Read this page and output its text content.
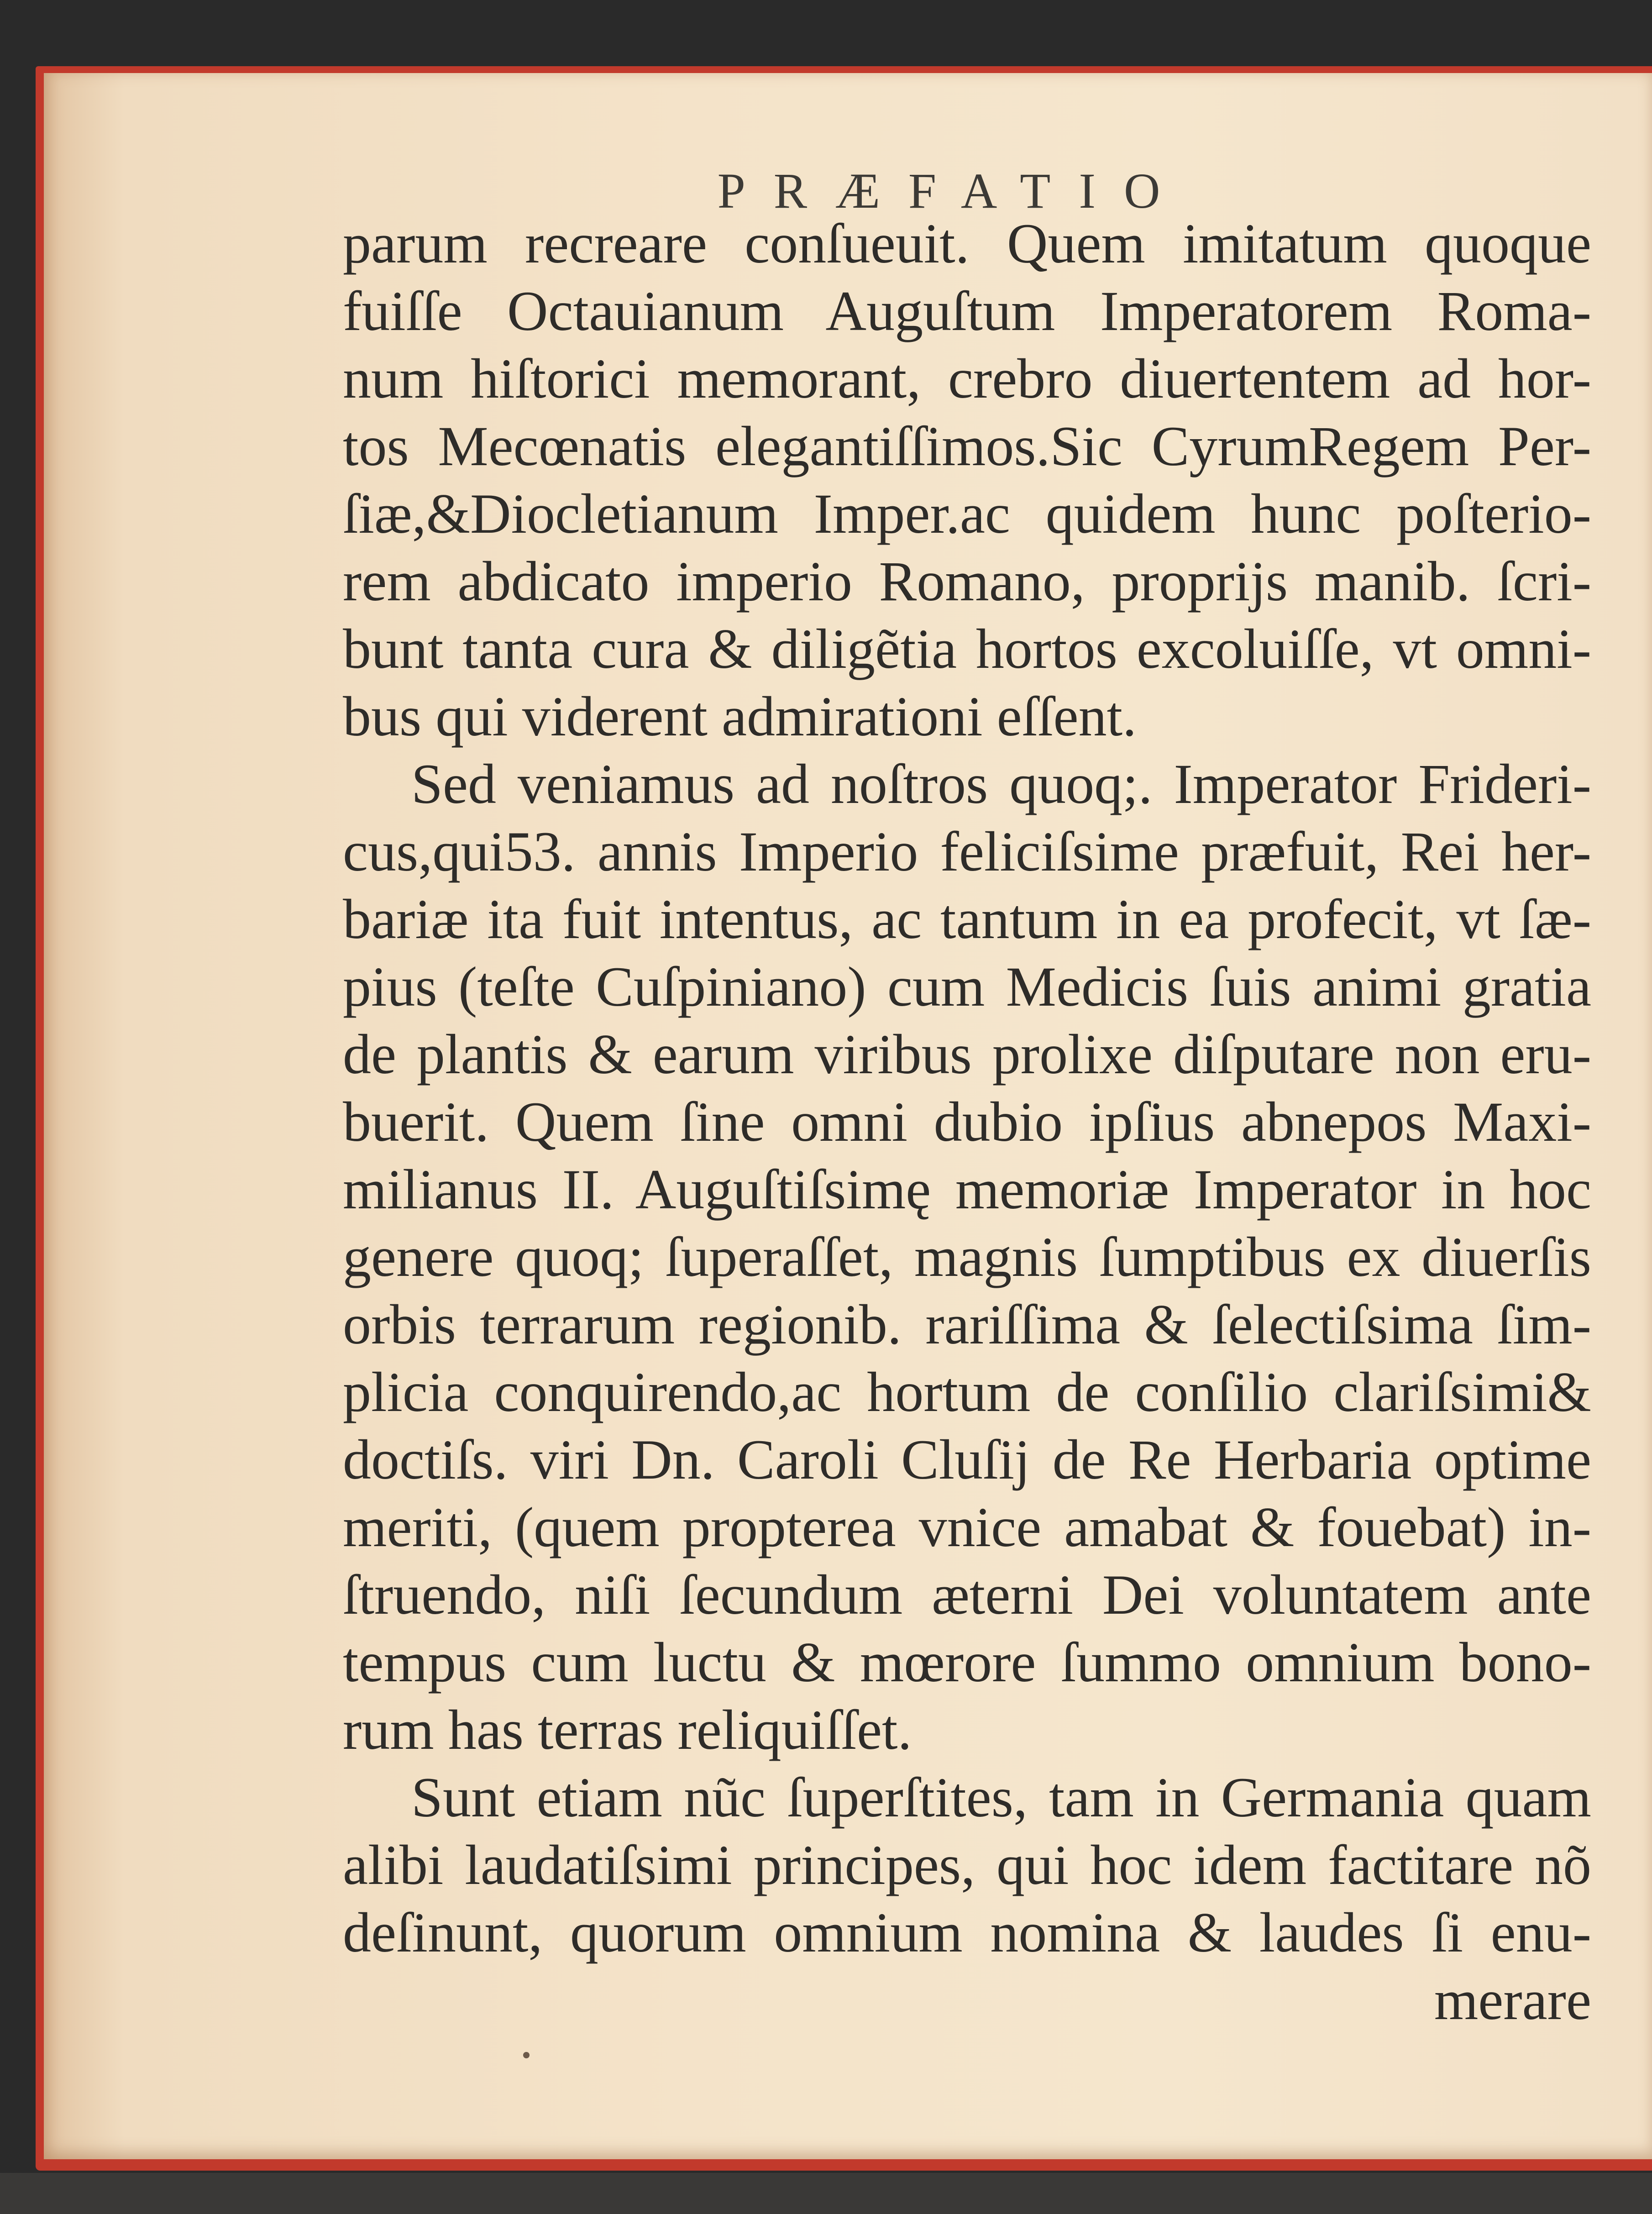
PRÆFATIO
parum recreare conſueuit. Quem imitatum quoque
fuiſſe Octauianum Auguſtum Imperatorem Roma-
num hiſtorici memorant, crebro diuertentem ad hor-
tos Mecœnatis elegantiſſimos.Sic CyrumRegem Per-
ſiæ,&Diocletianum Imper.ac quidem hunc poſterio-
rem abdicato imperio Romano, proprijs manib. ſcri-
bunt tanta cura & diligẽtia hortos excoluiſſe, vt omni-
bus qui viderent admirationi eſſent.
Sed veniamus ad noſtros quoq;. Imperator Frideri-
cus,qui53. annis Imperio feliciſsime præfuit, Rei her-
bariæ ita fuit intentus, ac tantum in ea profecit, vt ſæ-
pius (teſte Cuſpiniano) cum Medicis ſuis animi gratia
de plantis & earum viribus prolixe diſputare non eru-
buerit. Quem ſine omni dubio ipſius abnepos Maxi-
milianus II. Auguſtiſsimę memoriæ Imperator in hoc
genere quoq; ſuperaſſet, magnis ſumptibus ex diuerſis
orbis terrarum regionib. rariſſima & ſelectiſsima ſim-
plicia conquirendo,ac hortum de conſilio clariſsimi&
doctiſs. viri Dn. Caroli Cluſij de Re Herbaria optime
meriti, (quem propterea vnice amabat & fouebat) in-
ſtruendo, niſi ſecundum æterni Dei voluntatem ante
tempus cum luctu & mœrore ſummo omnium bono-
rum has terras reliquiſſet.
Sunt etiam nũc ſuperſtites, tam in Germania quam
alibi laudatiſsimi principes, qui hoc idem factitare nõ
deſinunt, quorum omnium nomina & laudes ſi enu-
merare
